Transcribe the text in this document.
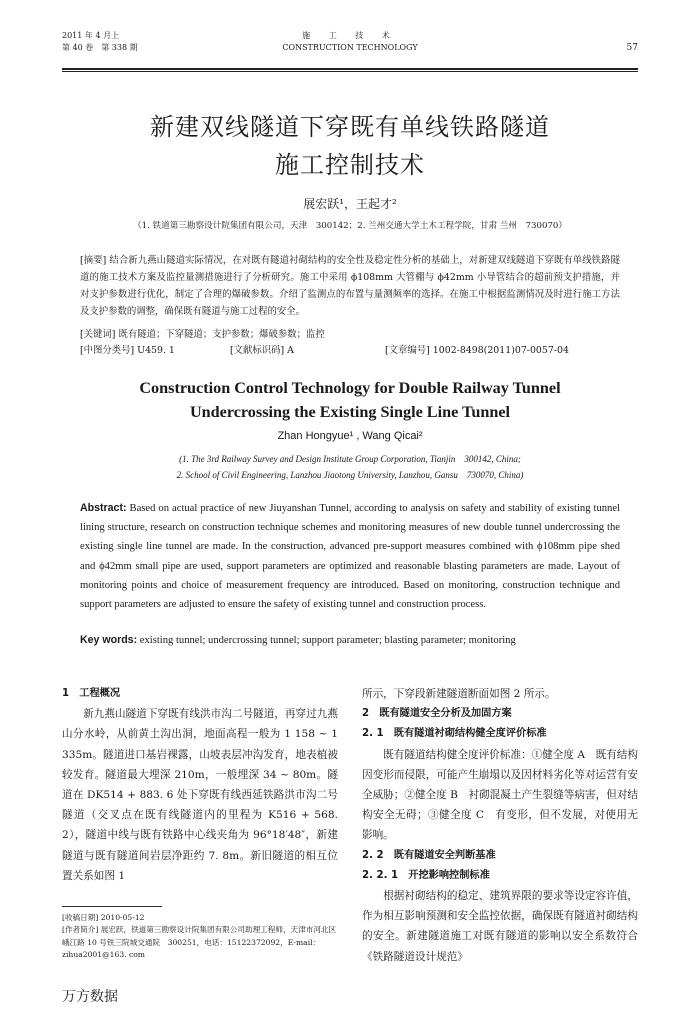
2011 年 4 月上
第 40 卷　第 338 期
施 工 技 术
CONSTRUCTION TECHNOLOGY	57
新建双线隧道下穿既有单线铁路隧道
施工控制技术
展宏跃¹，王起才²
（1. 铁道第三勘察设计院集团有限公司，天津　300142；2. 兰州交通大学土木工程学院，甘肃 兰州　730070）
[摘要] 结合新九燕山隧道实际情况，在对既有隧道衬砌结构的安全性及稳定性分析的基础上，对新建双线隧道下穿既有单线铁路隧道的施工技术方案及监控量测措施进行了分析研究。施工中采用 ϕ108mm 大管棚与 ϕ42mm 小导管结合的超前预支护措施，并对支护参数进行优化，制定了合理的爆破参数。介绍了监测点的布置与量测频率的选择。在施工中根据监测情况及时进行施工方法及支护参数的调整，确保既有隧道与施工过程的安全。
[关键词] 既有隧道；下穿隧道；支护参数；爆破参数；监控
[中图分类号] U459. 1	[文献标识码] A	[文章编号] 1002-8498(2011)07-0057-04
Construction Control Technology for Double Railway Tunnel
Undercrossing the Existing Single Line Tunnel
Zhan Hongyue¹ , Wang Qicai²
(1. The 3rd Railway Survey and Design Institute Group Corporation, Tianjin　300142, China;
2. School of Civil Engineering, Lanzhou Jiaotong University, Lanzhou, Gansu　730070, China)
Abstract: Based on actual practice of new Jiuyanshan Tunnel, according to analysis on safety and stability of existing tunnel lining structure, research on construction technique schemes and monitoring measures of new double tunnel undercrossing the existing single line tunnel are made. In the construction, advanced pre-support measures combined with ϕ108mm pipe shed and ϕ42mm small pipe are used, support parameters are optimized and reasonable blasting parameters are made. Layout of monitoring points and choice of measurement frequency are introduced. Based on monitoring, construction technique and support parameters are adjusted to ensure the safety of existing tunnel and construction process.
Key words: existing tunnel; undercrossing tunnel; support parameter; blasting parameter; monitoring
1　工程概况
新九燕山隧道下穿既有线洪市沟二号隧道，再穿过九燕山分水岭，从前黄土沟出洞，地面高程一般为 1 158 ~ 1 335m。隧道进口基岩裸露，山坡表层冲沟发育，地表植被较发育。隧道最大埋深 210m，一般埋深 34 ~ 80m。隧道在 DK514 + 883. 6 处下穿既有线西延铁路洪市沟二号隧道（交叉点在既有线隧道内的里程为 K516 + 568. 2），隧道中线与既有铁路中心线夹角为 96°18′48″，新建隧道与既有隧道间岩层净距约 7. 8m。新旧隧道的相互位置关系如图 1
所示，下穿段新建隧道断面如图 2 所示。
2　既有隧道安全分析及加固方案
2. 1　既有隧道衬砌结构健全度评价标准
既有隧道结构健全度评价标准：①健全度 A　既有结构因变形而侵限，可能产生崩塌以及因材料劣化等对运营有安全威胁；②健全度 B　衬砌混凝土产生裂缝等病害，但对结构安全无碍；③健全度 C　有变形，但不发展，对使用无影响。
2. 2　既有隧道安全判断基准
2. 2. 1　开挖影响控制标准
根据衬砌结构的稳定、建筑界限的要求等设定容许值，作为相互影响预测和安全监控依据，确保既有隧道衬砌结构的安全。新建隧道施工对既有隧道的影响以安全系数符合《铁路隧道设计规范》
[收稿日期] 2010-05-12
[作者简介] 展宏跃，铁道第三勘察设计院集团有限公司助理工程师，天津市河北区峨江路 10 号铁三院城交通院　300251，电话：15122372092，E-mail：zihua2001@163. com
万方数据
